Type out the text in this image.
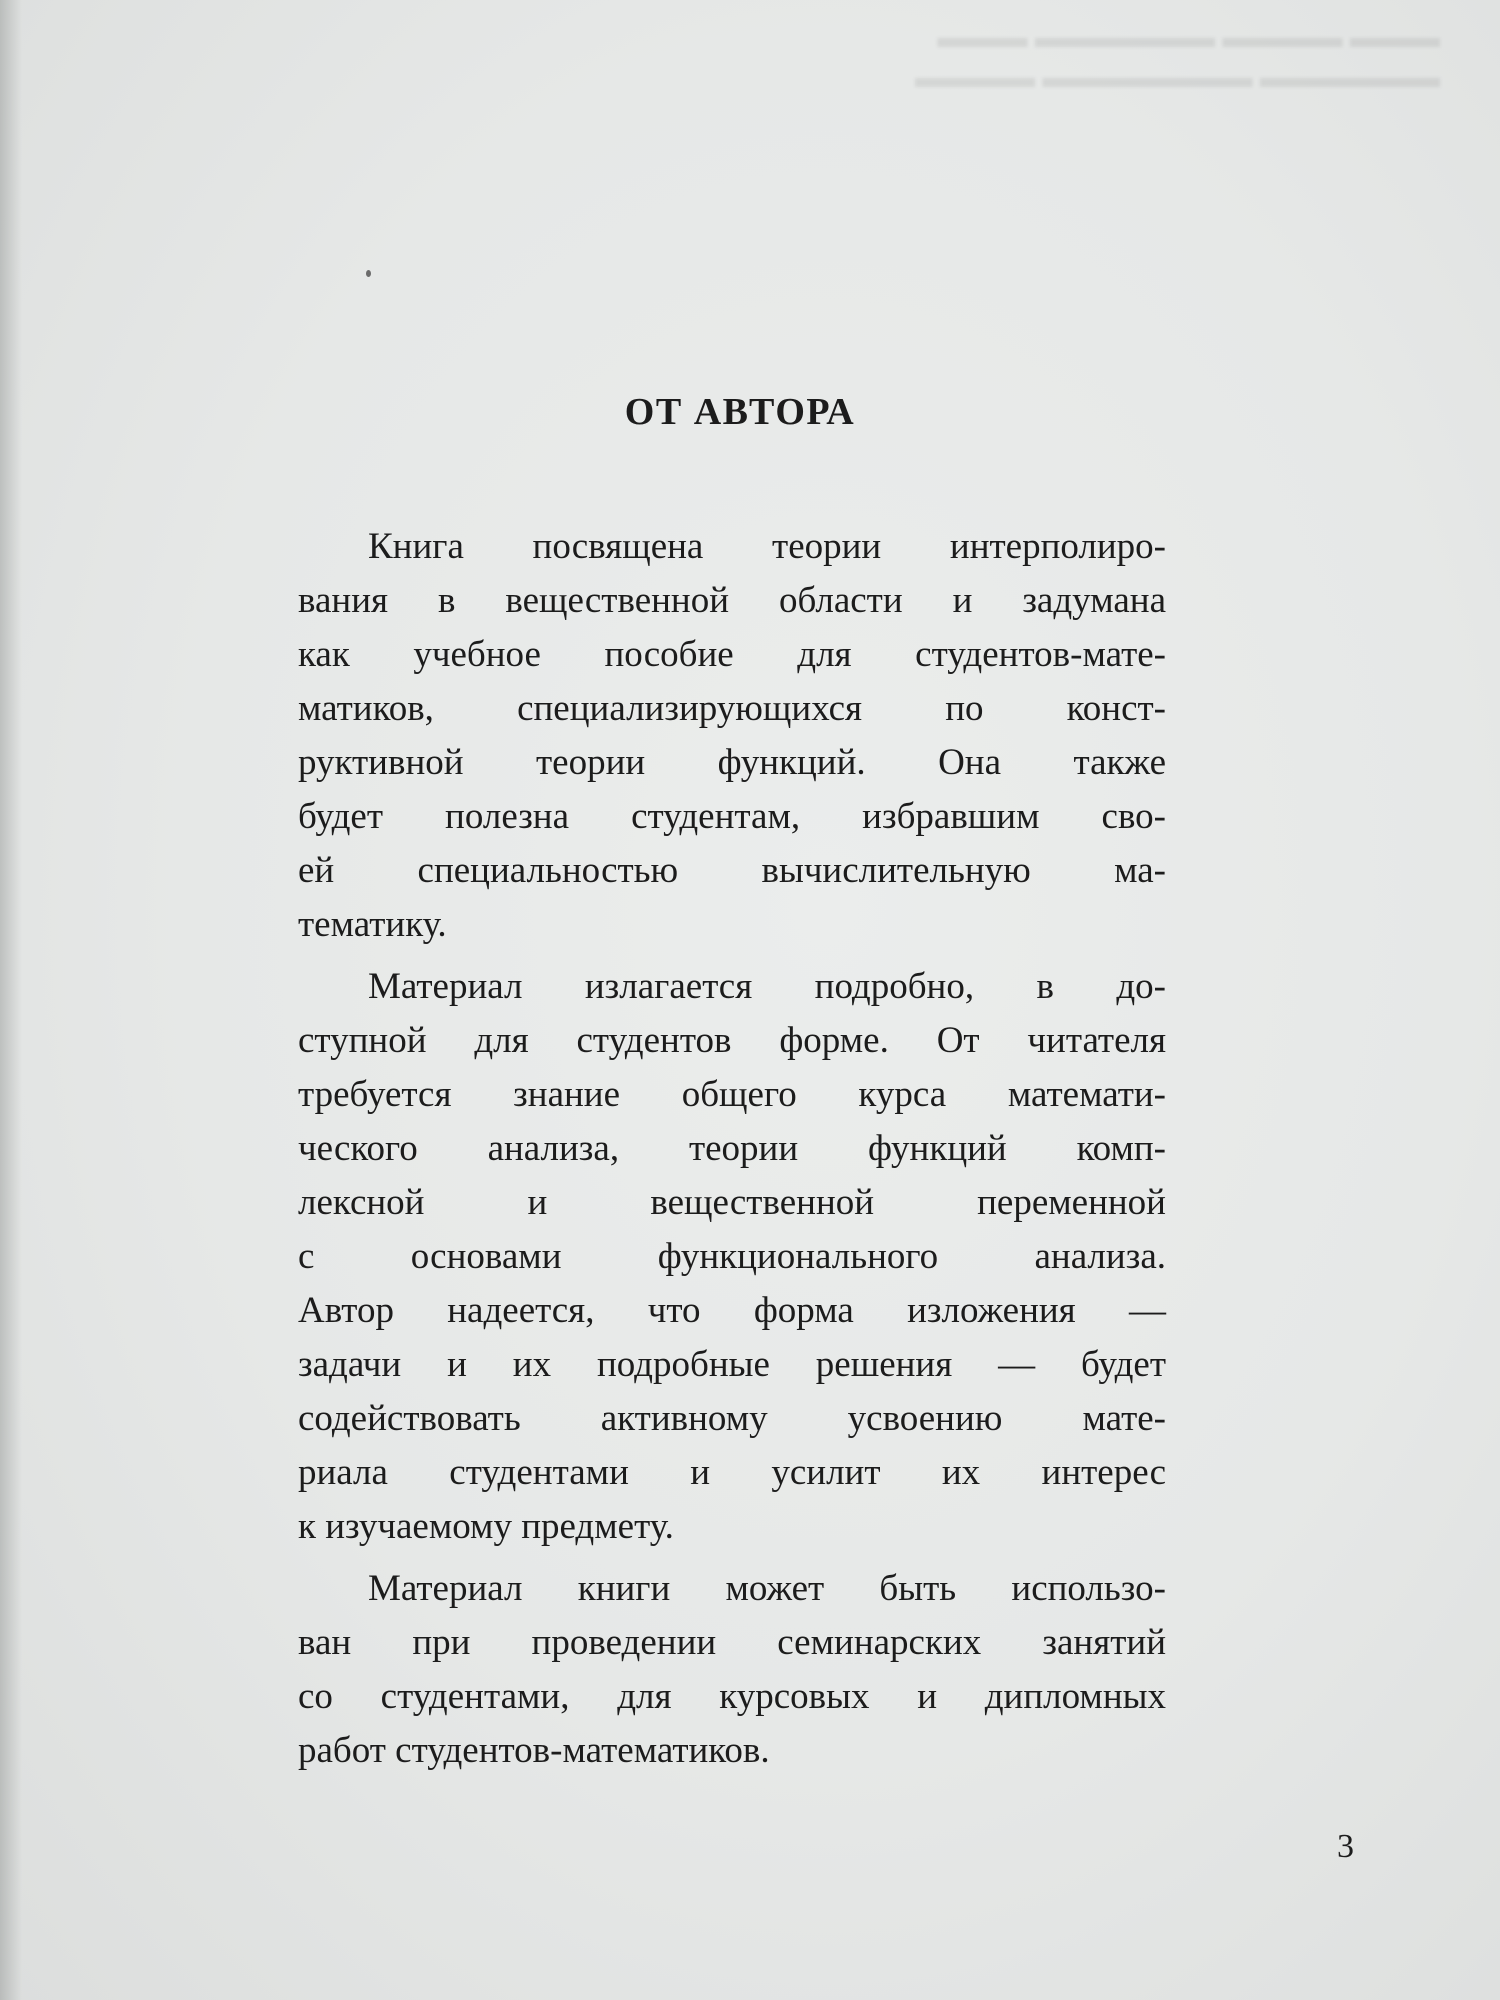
▬▬▬ ▬▬▬▬ ▬▬▬▬▬▬ ▬▬▬
▬▬▬▬▬▬ ▬▬▬▬▬▬▬ ▬▬▬▬
ОТ АВТОРА
Книга посвящена теории интерполиро-
вания в вещественной области и задумана
как учебное пособие для студентов-мате-
матиков, специализирующихся по конст-
руктивной теории функций. Она также
будет полезна студентам, избравшим сво-
ей специальностью вычислительную ма-
тематику.
Материал излагается подробно, в до-
ступной для студентов форме. От читателя
требуется знание общего курса математи-
ческого анализа, теории функций комп-
лексной и вещественной переменной
с основами функционального анализа.
Автор надеется, что форма изложения —
задачи и их подробные решения — будет
содействовать активному усвоению мате-
риала студентами и усилит их интерес
к изучаемому предмету.
Материал книги может быть использо-
ван при проведении семинарских занятий
со студентами, для курсовых и дипломных
работ студентов-математиков.
3
